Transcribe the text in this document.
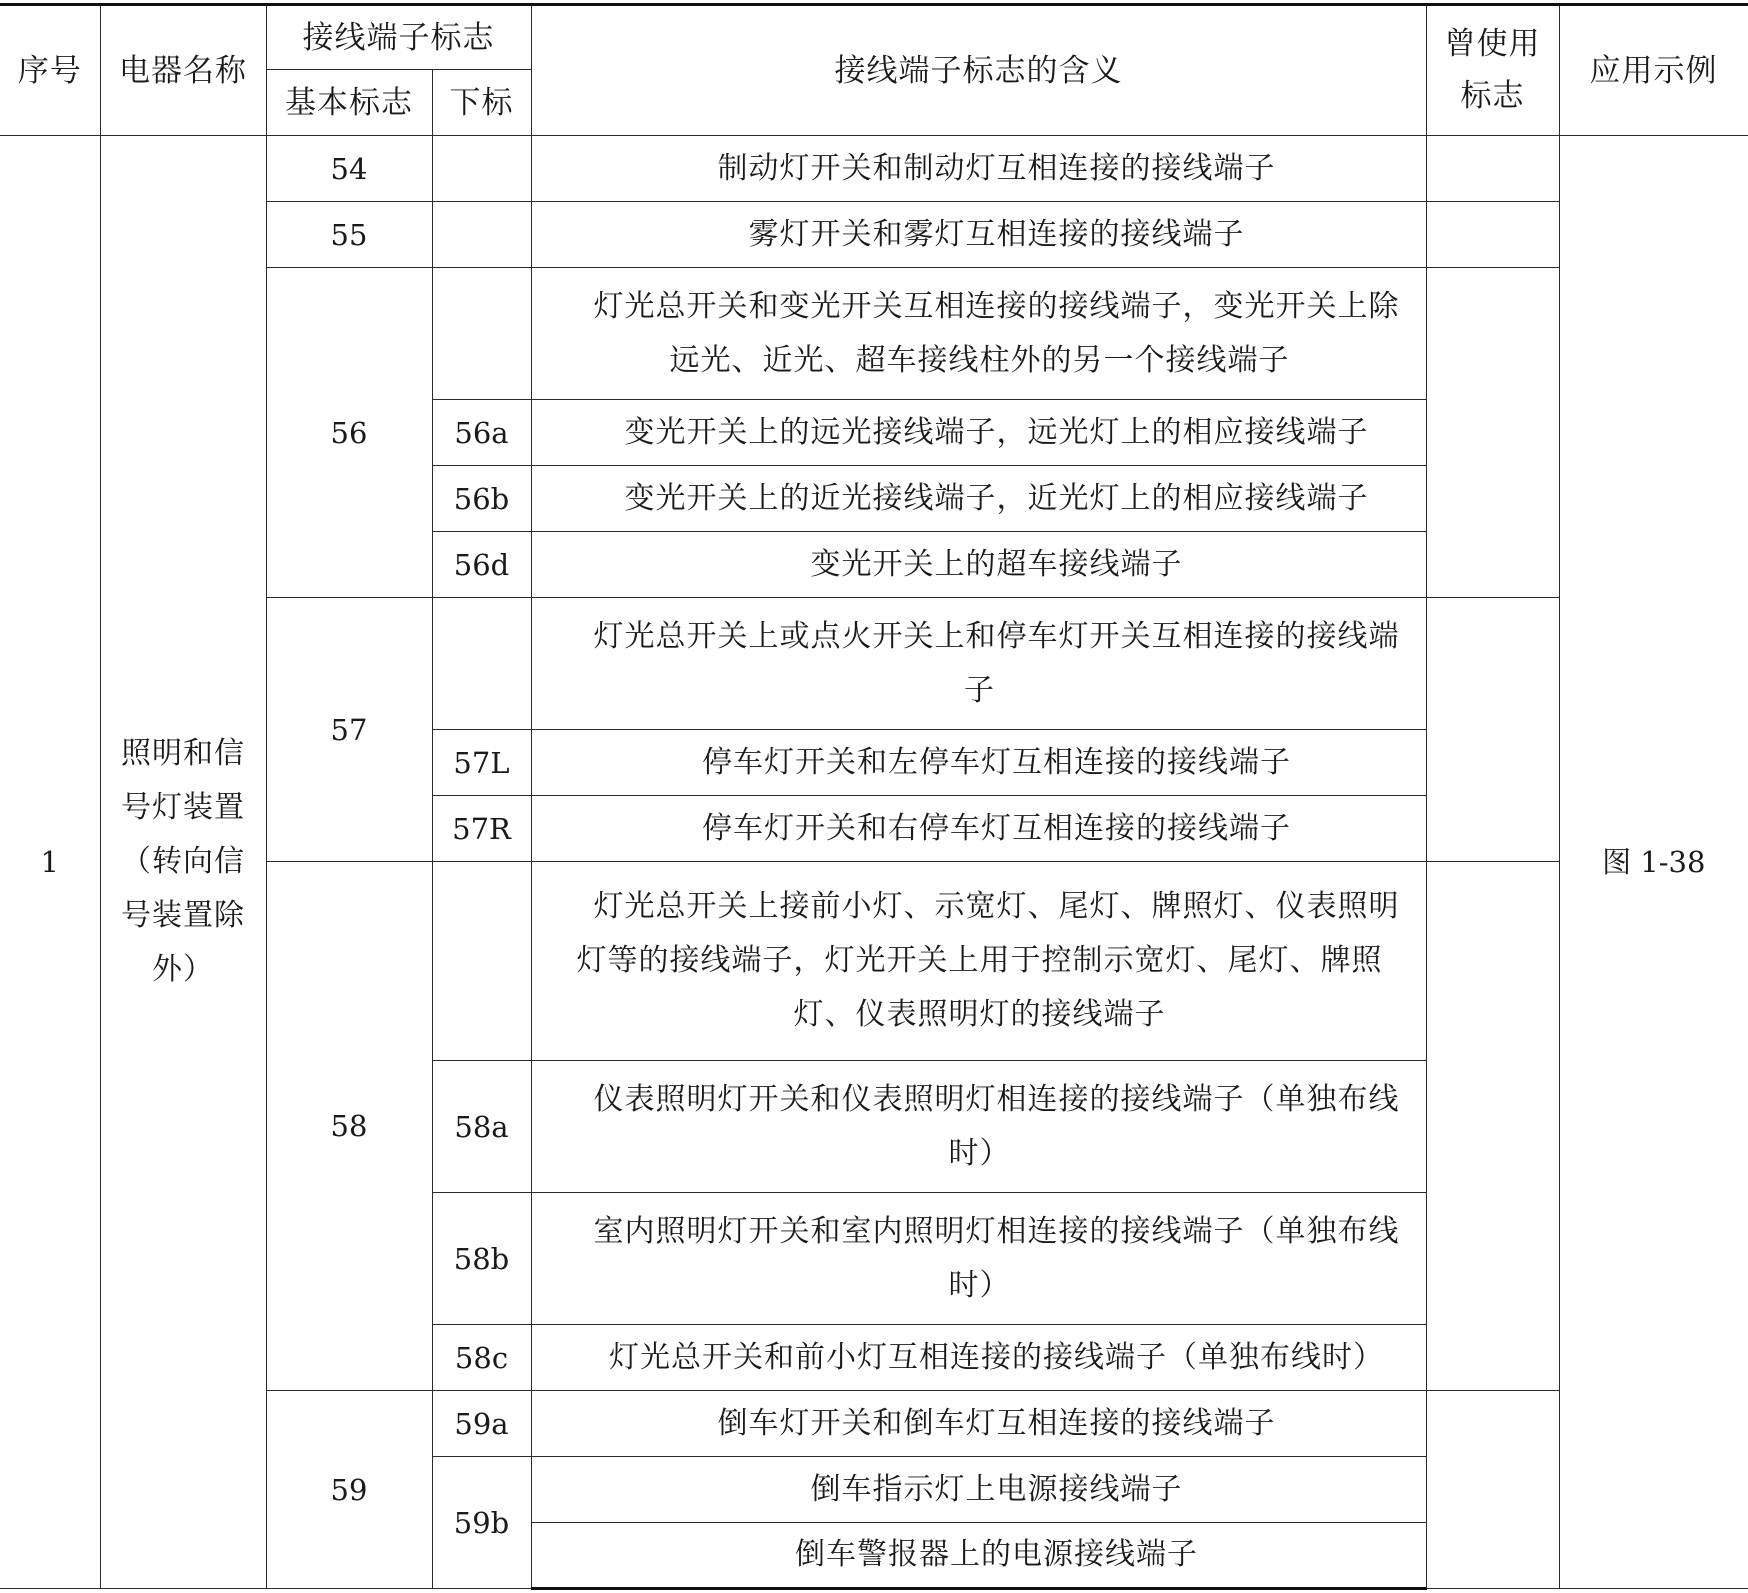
序号	电器名称	接线端子标志		接线端子标志的含义	曾使用标志	应用示例
		基本标志	下标			
1	照明和信号灯装置（转向信号装置除外）	54		制动灯开关和制动灯互相连接的接线端子		图 1-38
		55		雾灯开关和雾灯互相连接的接线端子		
		56		灯光总开关和变光开关互相连接的接线端子，变光开关上除远光、近光、超车接线柱外的另一个接线端子		
			56a	变光开关上的远光接线端子，远光灯上的相应接线端子		
			56b	变光开关上的近光接线端子，近光灯上的相应接线端子		
			56d	变光开关上的超车接线端子		
		57		灯光总开关上或点火开关上和停车灯开关互相连接的接线端子		
			57L	停车灯开关和左停车灯互相连接的接线端子		
			57R	停车灯开关和右停车灯互相连接的接线端子		
		58		灯光总开关上接前小灯、示宽灯、尾灯、牌照灯、仪表照明灯等的接线端子，灯光开关上用于控制示宽灯、尾灯、牌照灯、仪表照明灯的接线端子		
			58a	仪表照明灯开关和仪表照明灯相连接的接线端子（单独布线时）		
			58b	室内照明灯开关和室内照明灯相连接的接线端子（单独布线时）		
			58c	灯光总开关和前小灯互相连接的接线端子（单独布线时）		
		59	59a	倒车灯开关和倒车灯互相连接的接线端子		
			59b	倒车指示灯上电源接线端子		
				倒车警报器上的电源接线端子		
